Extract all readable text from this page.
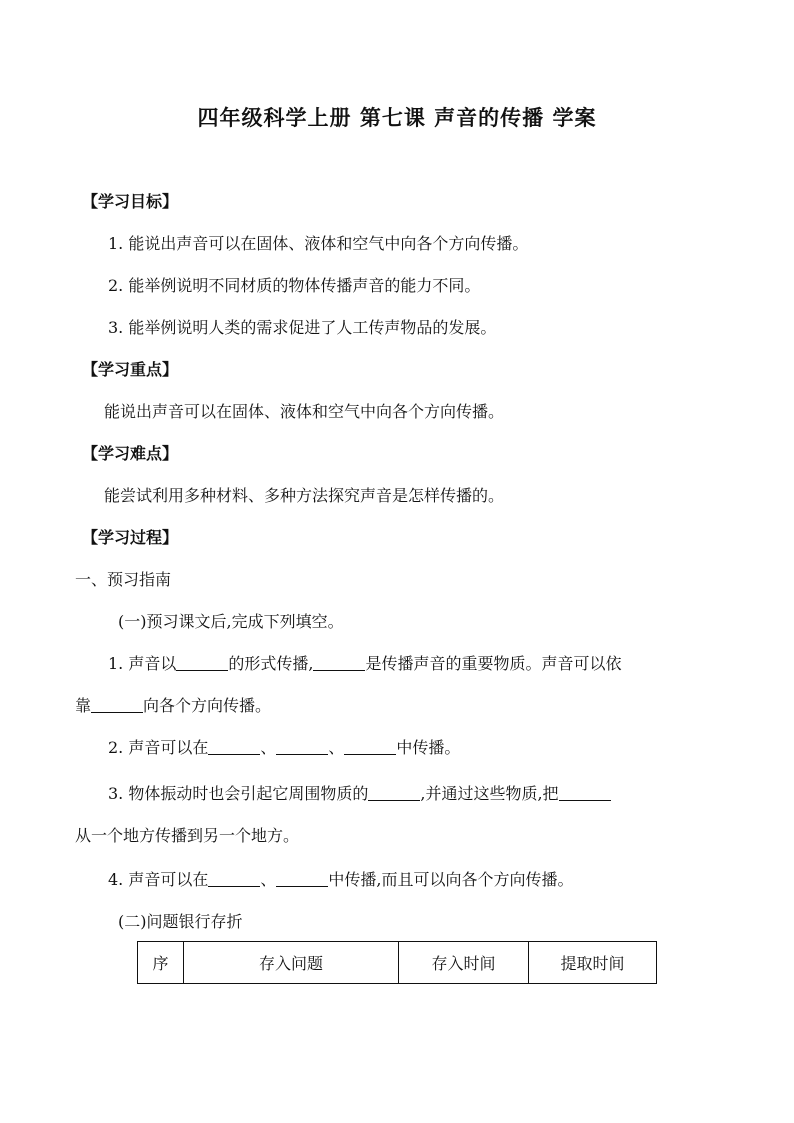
四年级科学上册 第七课 声音的传播 学案
【学习目标】
1. 能说出声音可以在固体、液体和空气中向各个方向传播。
2. 能举例说明不同材质的物体传播声音的能力不同。
3. 能举例说明人类的需求促进了人工传声物品的发展。
【学习重点】
能说出声音可以在固体、液体和空气中向各个方向传播。
【学习难点】
能尝试利用多种材料、多种方法探究声音是怎样传播的。
【学习过程】
一、预习指南
(一)预习课文后,完成下列填空。
1. 声音以	的形式传播,	是传播声音的重要物质。声音可以依
靠	向各个方向传播。
2. 声音可以在	、	、	中传播。
3. 物体振动时也会引起它周围物质的	,并通过这些物质,把
从一个地方传播到另一个地方。
4. 声音可以在	、	中传播,而且可以向各个方向传播。
(二)问题银行存折
序	存入问题	存入时间	提取时间
